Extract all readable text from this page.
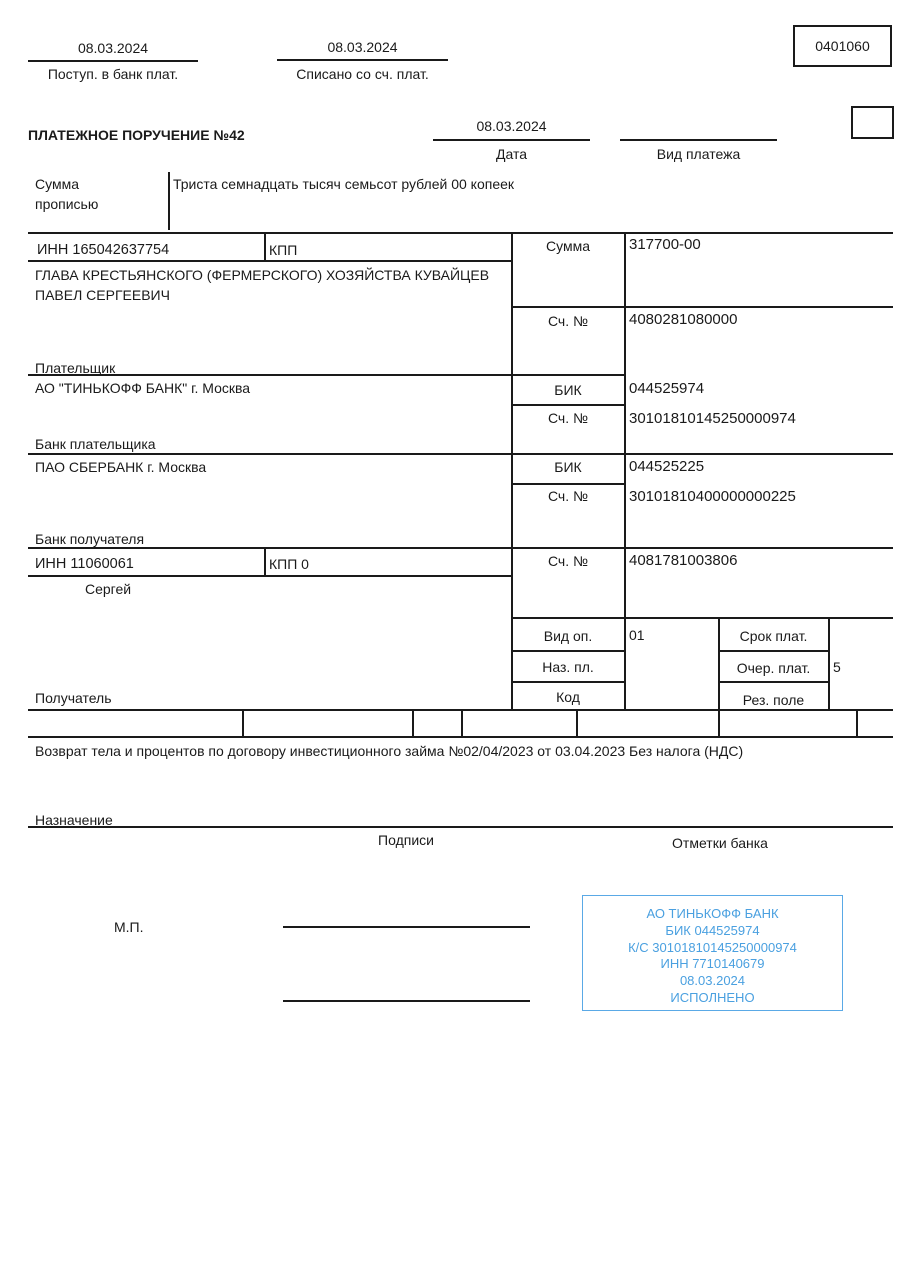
08.03.2024
Поступ. в банк плат.
08.03.2024
Списано со сч. плат.
0401060
ПЛАТЕЖНОЕ ПОРУЧЕНИЕ №42
08.03.2024
Дата	Вид платежа
Сумма
прописью
Триста семнадцать тысяч семьсот рублей 00 копеек
ИНН 165042637754	КПП
ГЛАВА КРЕСТЬЯНСКОГО (ФЕРМЕРСКОГО) ХОЗЯЙСТВА КУВАЙЦЕВ
ПАВЕЛ СЕРГЕЕВИЧ
Плательщик
Сумма	317700-00
Сч. №	4080281080000
АО "ТИНЬКОФФ БАНК" г. Москва
Банк плательщика
БИК	044525974
Сч. №	30101810145250000974
ПАО СБЕРБАНК г. Москва
Банк получателя
БИК	044525225
Сч. №	30101810400000000225
ИНН 11060061	КПП 0
Сергей
Получатель
Сч. №	4081781003806
Вид оп.	01
Наз. пл.
Код
Срок плат.
Очер. плат.	5
Рез. поле
Возврат тела и процентов по договору инвестиционного займа №02/04/2023 от 03.04.2023 Без налога (НДС)
Назначение
Подписи	Отметки банка
М.П.
АО ТИНЬКОФФ БАНК
БИК 044525974
К/С 30101810145250000974
ИНН 7710140679
08.03.2024
ИСПОЛНЕНО
